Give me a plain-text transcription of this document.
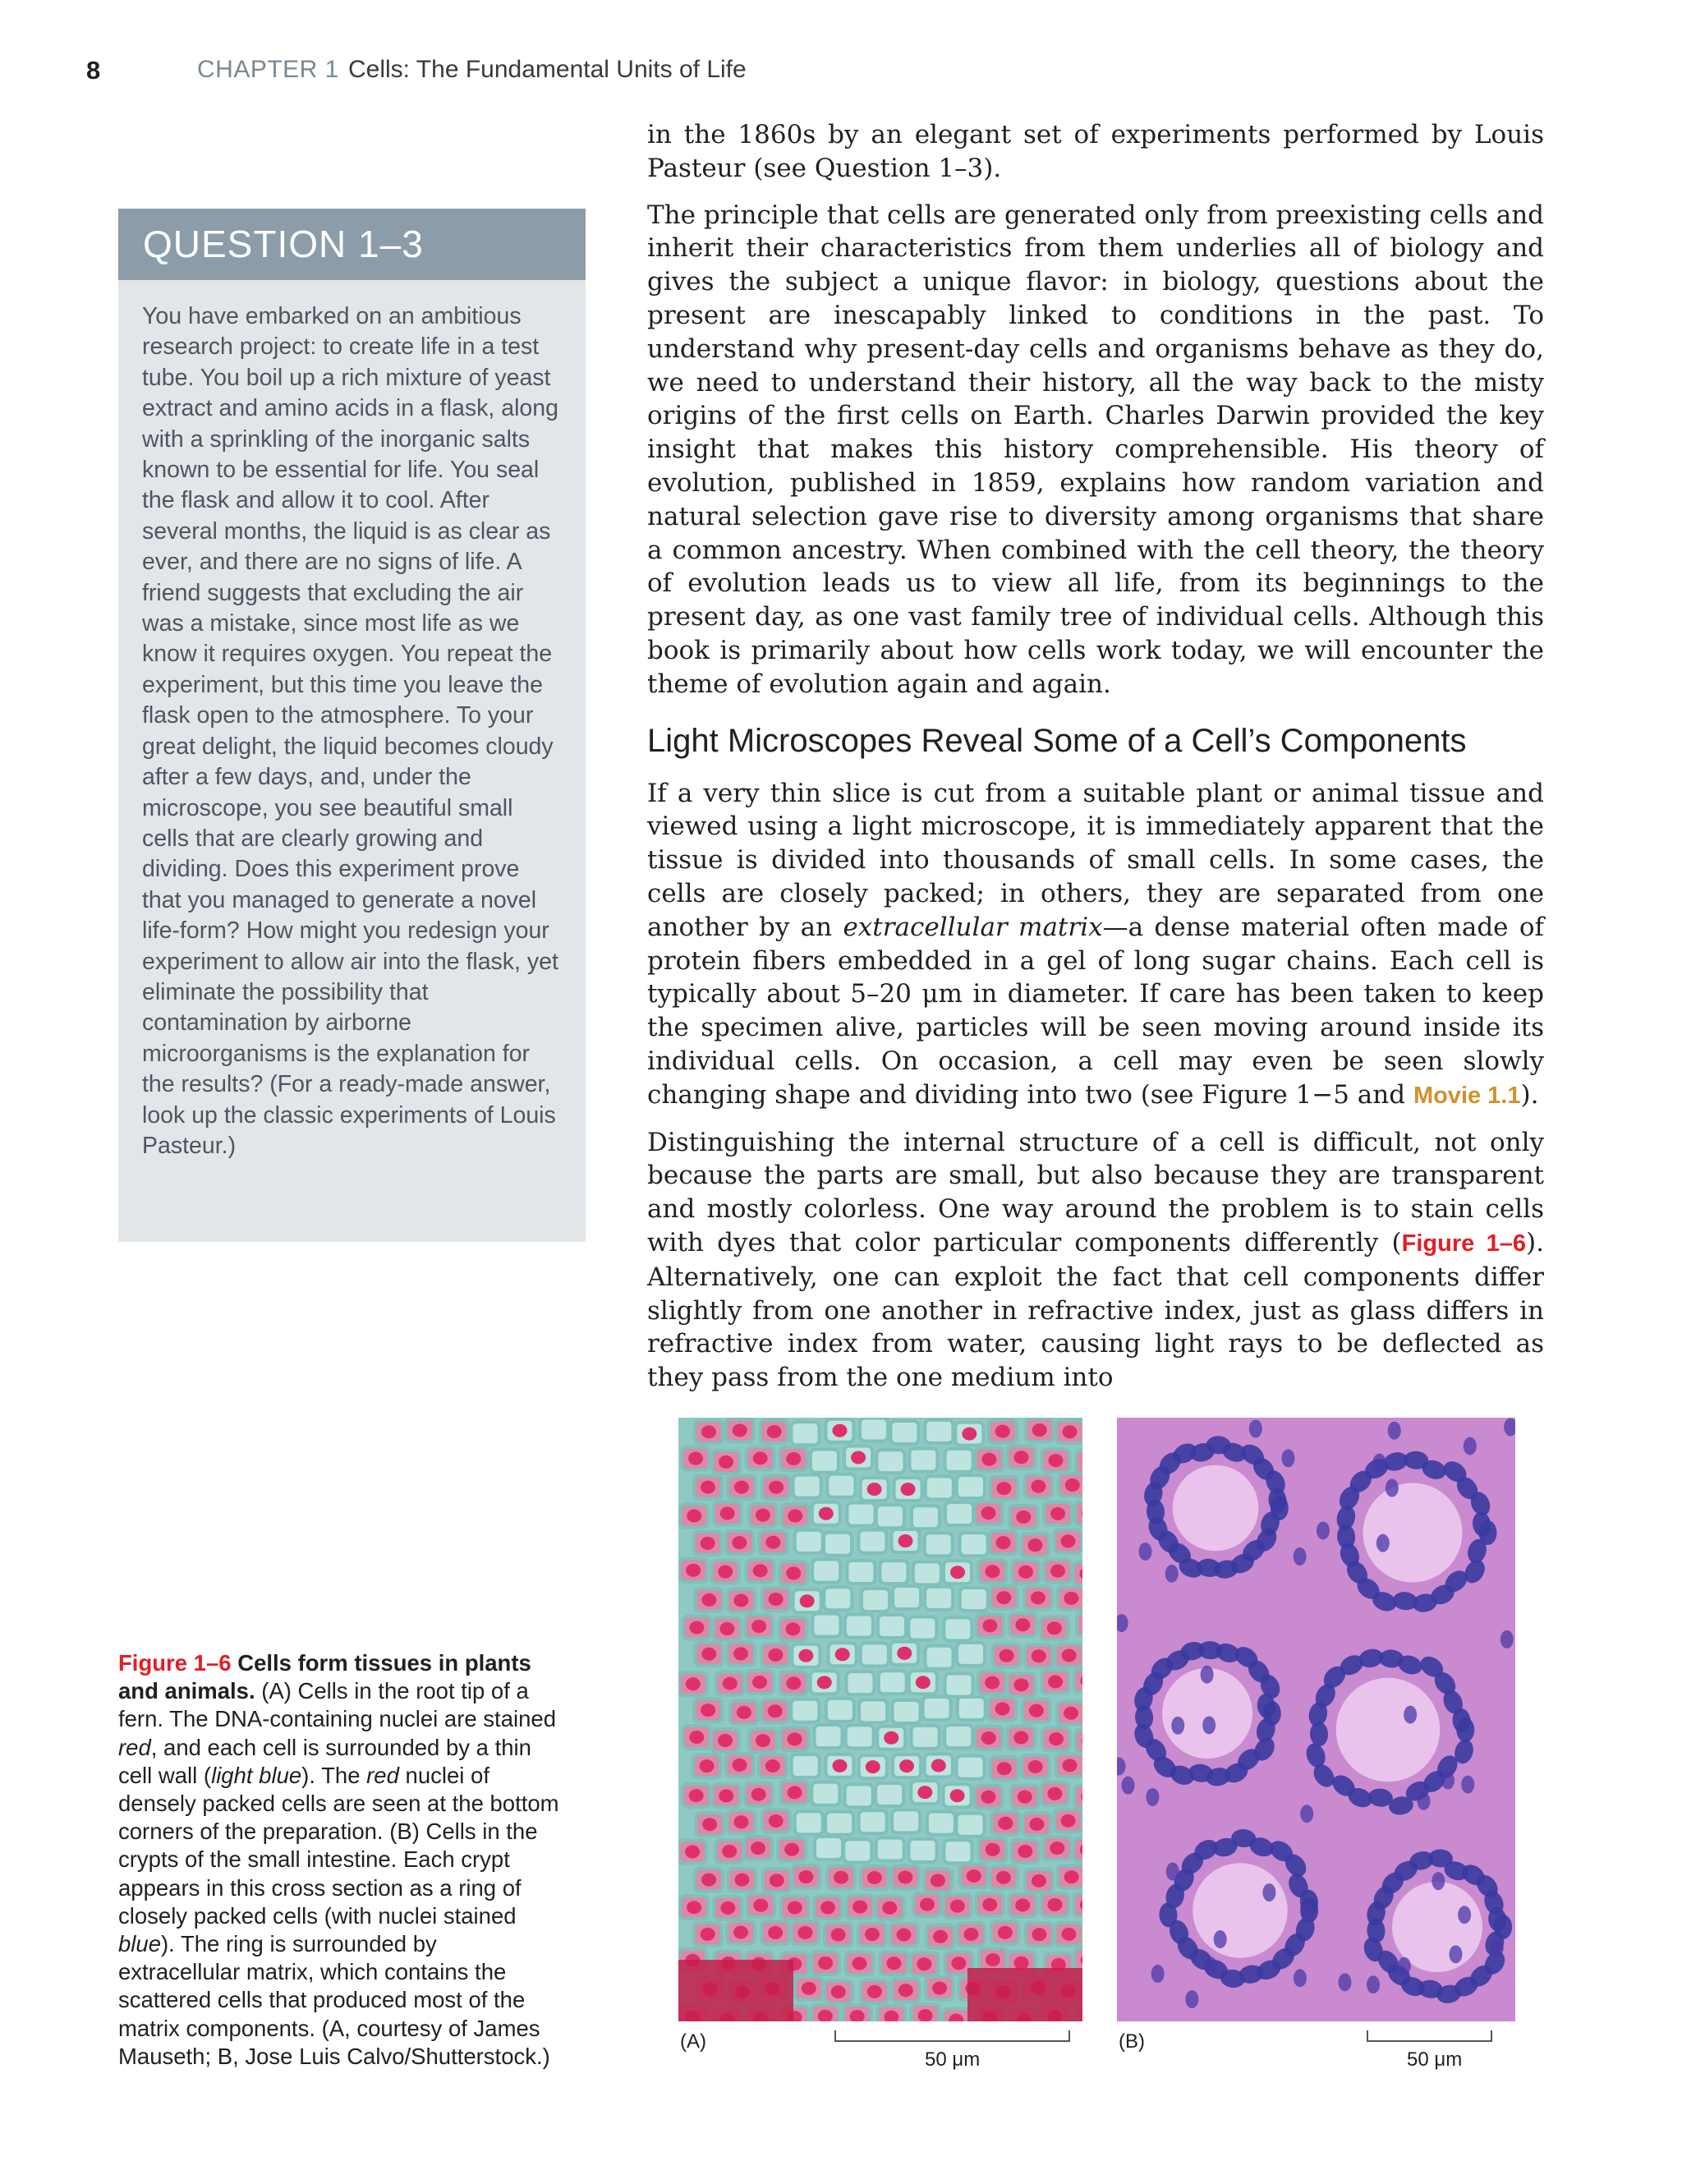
8	CHAPTER 1 Cells: The Fundamental Units of Life
QUESTION 1–3
You have embarked on an ambitious research project: to create life in a test tube. You boil up a rich mixture of yeast extract and amino acids in a flask, along with a sprinkling of the inorganic salts known to be essential for life. You seal the flask and allow it to cool. After several months, the liquid is as clear as ever, and there are no signs of life. A friend suggests that excluding the air was a mistake, since most life as we know it requires oxygen. You repeat the experiment, but this time you leave the flask open to the atmosphere. To your great delight, the liquid becomes cloudy after a few days, and, under the microscope, you see beautiful small cells that are clearly growing and dividing. Does this experiment prove that you managed to generate a novel life-form? How might you redesign your experiment to allow air into the flask, yet eliminate the possibility that contamination by airborne microorganisms is the explanation for the results? (For a ready-made answer, look up the classic experiments of Louis Pasteur.)

in the 1860s by an elegant set of experiments performed by Louis Pasteur (see Question 1–3).

The principle that cells are generated only from preexisting cells and inherit their characteristics from them underlies all of biology and gives the subject a unique flavor: in biology, questions about the present are inescapably linked to conditions in the past. To understand why present-day cells and organisms behave as they do, we need to understand their history, all the way back to the misty origins of the first cells on Earth. Charles Darwin provided the key insight that makes this history comprehensible. His theory of evolution, published in 1859, explains how random variation and natural selection gave rise to diversity among organisms that share a common ancestry. When combined with the cell theory, the theory of evolution leads us to view all life, from its beginnings to the present day, as one vast family tree of individual cells. Although this book is primarily about how cells work today, we will encounter the theme of evolution again and again.

Light Microscopes Reveal Some of a Cell’s Components

If a very thin slice is cut from a suitable plant or animal tissue and viewed using a light microscope, it is immediately apparent that the tissue is divided into thousands of small cells. In some cases, the cells are closely packed; in others, they are separated from one another by an extracellular matrix—a dense material often made of protein fibers embedded in a gel of long sugar chains. Each cell is typically about 5–20 μm in diameter. If care has been taken to keep the specimen alive, particles will be seen moving around inside its individual cells. On occasion, a cell may even be seen slowly changing shape and dividing into two (see Figure 1−5 and Movie 1.1).

Distinguishing the internal structure of a cell is difficult, not only because the parts are small, but also because they are transparent and mostly colorless. One way around the problem is to stain cells with dyes that color particular components differently (Figure 1–6). Alternatively, one can exploit the fact that cell components differ slightly from one another in refractive index, just as glass differs in refractive index from water, causing light rays to be deflected as they pass from the one medium into

Figure 1–6 Cells form tissues in plants and animals. (A) Cells in the root tip of a fern. The DNA-containing nuclei are stained red, and each cell is surrounded by a thin cell wall (light blue). The red nuclei of densely packed cells are seen at the bottom corners of the preparation. (B) Cells in the crypts of the small intestine. Each crypt appears in this cross section as a ring of closely packed cells (with nuclei stained blue). The ring is surrounded by extracellular matrix, which contains the scattered cells that produced most of the matrix components. (A, courtesy of James Mauseth; B, Jose Luis Calvo/Shutterstock.)
(A)
50 μm
(B)
50 μm
